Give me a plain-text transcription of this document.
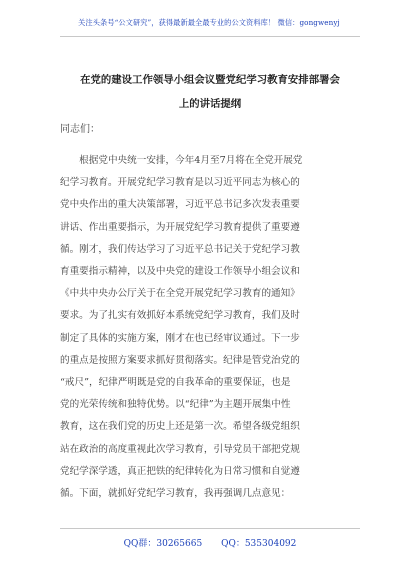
关注头条号“公文研究”，获得最新最全最专业的公文资料库！ 微信：gongwenyj
在党的建设工作领导小组会议暨党纪学习教育安排部署会
上的讲话提纲
同志们：
　　根据党中央统一安排，今年4月至7月将在全党开展党
纪学习教育。开展党纪学习教育是以习近平同志为核心的
党中央作出的重大决策部署，习近平总书记多次发表重要
讲话、作出重要指示，为开展党纪学习教育提供了重要遵
循。刚才，我们传达学习了习近平总书记关于党纪学习教
育重要指示精神，以及中央党的建设工作领导小组会议和
《中共中央办公厅关于在全党开展党纪学习教育的通知》
要求。为了扎实有效抓好本系统党纪学习教育，我们及时
制定了具体的实施方案，刚才在也已经审议通过。下一步
的重点是按照方案要求抓好贯彻落实。纪律是管党治党的
“戒尺”，纪律严明既是党的自我革命的重要保证，也是
党的光荣传统和独特优势。以“纪律”为主题开展集中性
教育，这在我们党的历史上还是第一次。希望各级党组织
站在政治的高度重视此次学习教育，引导党员干部把党规
党纪学深学透，真正把铁的纪律转化为日常习惯和自觉遵
循。下面，就抓好党纪学习教育，我再强调几点意见：
QQ群：30265665 QQ：535304092
